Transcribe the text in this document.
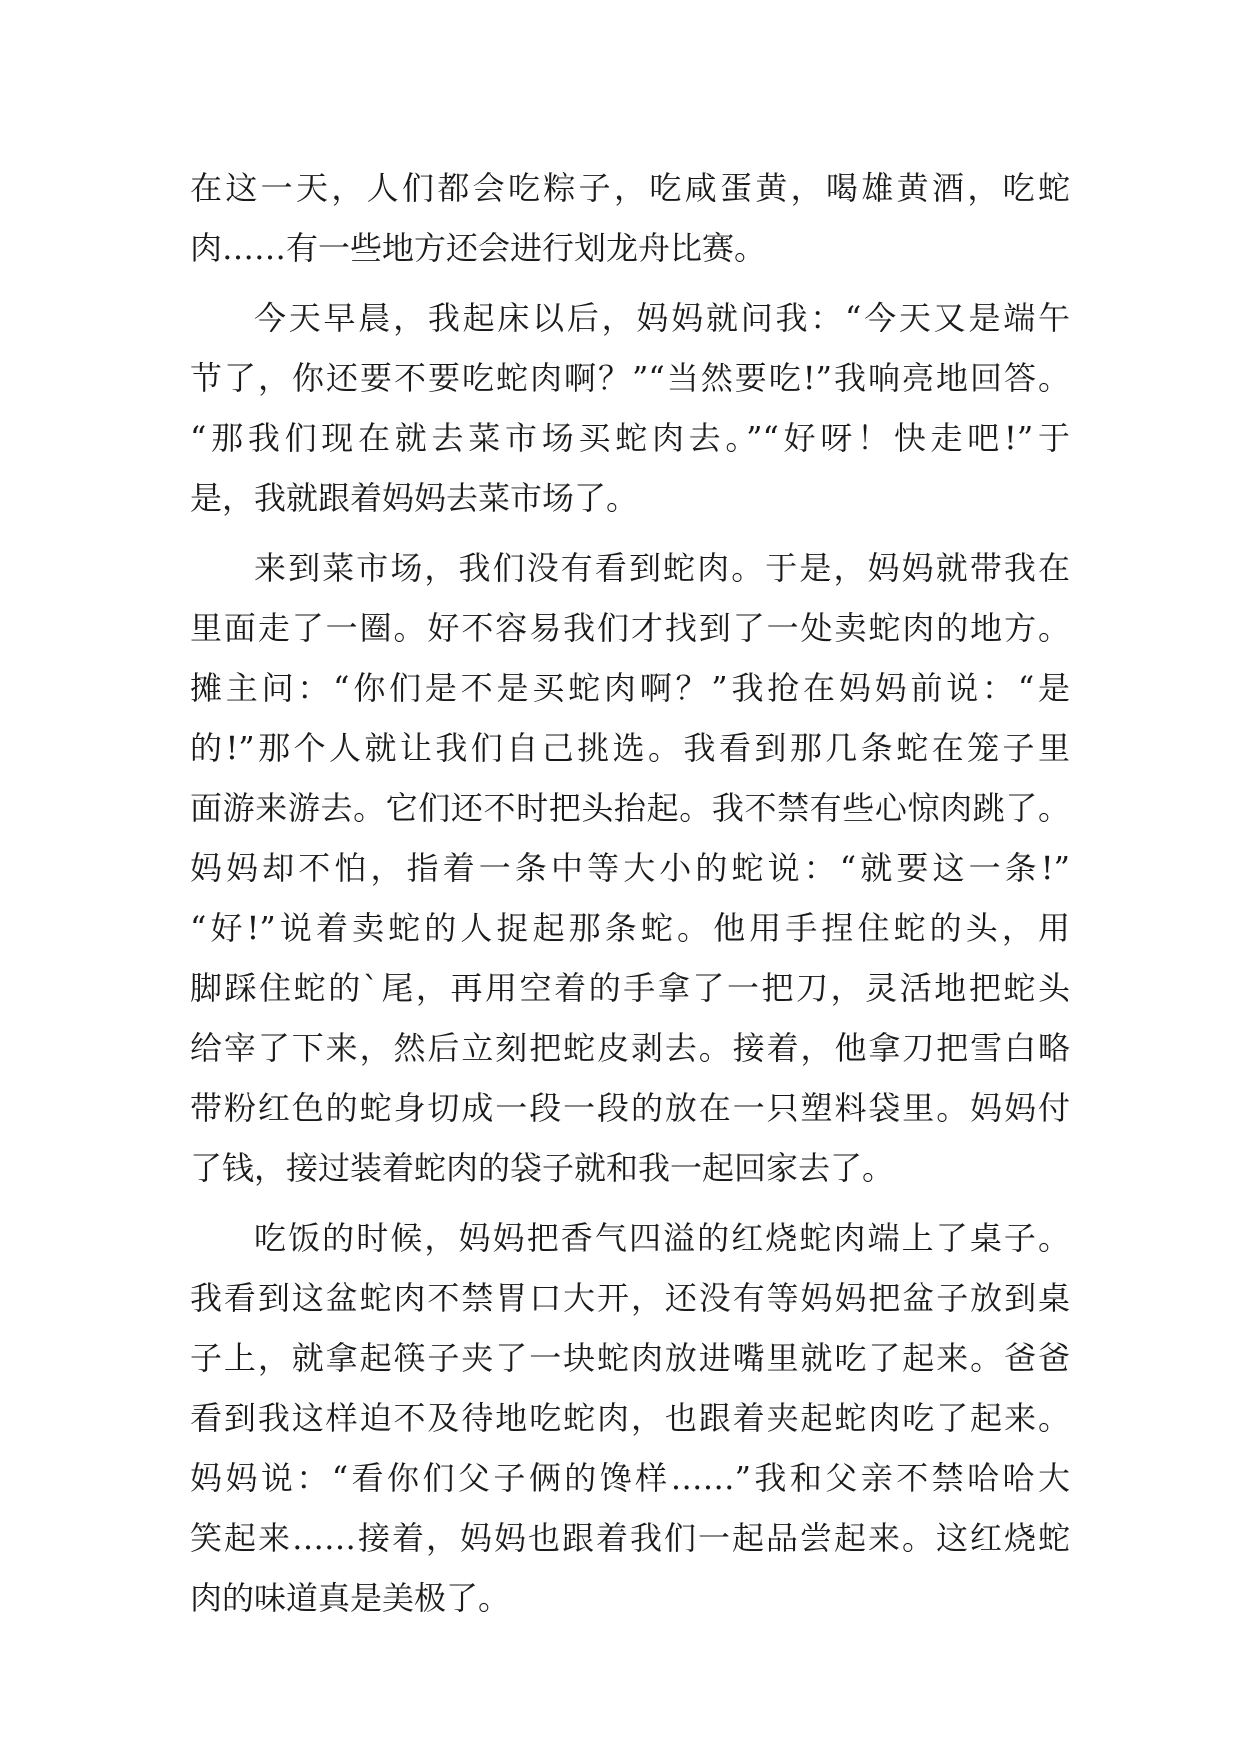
在这一天，人们都会吃粽子，吃咸蛋黄，喝雄黄酒，吃蛇
肉……有一些地方还会进行划龙舟比赛。
今天早晨，我起床以后，妈妈就问我：“今天又是端午
节了，你还要不要吃蛇肉啊？”“当然要吃!”我响亮地回答。
“那我们现在就去菜市场买蛇肉去。”“好呀！快走吧!”于
是，我就跟着妈妈去菜市场了。
来到菜市场，我们没有看到蛇肉。于是，妈妈就带我在
里面走了一圈。好不容易我们才找到了一处卖蛇肉的地方。
摊主问：“你们是不是买蛇肉啊？”我抢在妈妈前说：“是
的!”那个人就让我们自己挑选。我看到那几条蛇在笼子里
面游来游去。它们还不时把头抬起。我不禁有些心惊肉跳了。
妈妈却不怕，指着一条中等大小的蛇说：“就要这一条!”
“好!”说着卖蛇的人捉起那条蛇。他用手捏住蛇的头，用
脚踩住蛇的`尾，再用空着的手拿了一把刀，灵活地把蛇头
给宰了下来，然后立刻把蛇皮剥去。接着，他拿刀把雪白略
带粉红色的蛇身切成一段一段的放在一只塑料袋里。妈妈付
了钱，接过装着蛇肉的袋子就和我一起回家去了。
吃饭的时候，妈妈把香气四溢的红烧蛇肉端上了桌子。
我看到这盆蛇肉不禁胃口大开，还没有等妈妈把盆子放到桌
子上，就拿起筷子夹了一块蛇肉放进嘴里就吃了起来。爸爸
看到我这样迫不及待地吃蛇肉，也跟着夹起蛇肉吃了起来。
妈妈说：“看你们父子俩的馋样……”我和父亲不禁哈哈大
笑起来……接着，妈妈也跟着我们一起品尝起来。这红烧蛇
肉的味道真是美极了。
